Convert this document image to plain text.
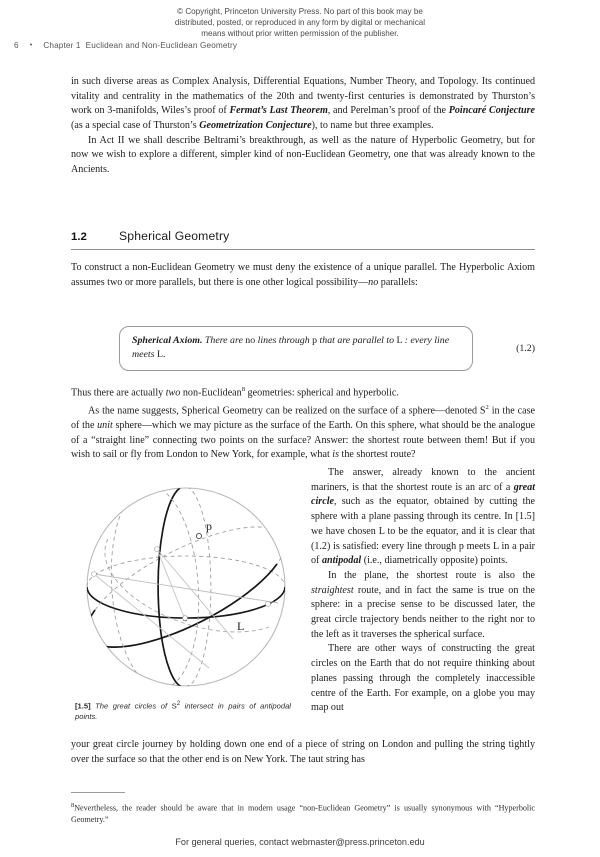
© Copyright, Princeton University Press. No part of this book may be
distributed, posted, or reproduced in any form by digital or mechanical
means without prior written permission of the publisher.
6 • Chapter 1 Euclidean and Non-Euclidean Geometry

in such diverse areas as Complex Analysis, Differential Equations, Number Theory, and Topology. Its continued vitality and centrality in the mathematics of the 20th and twenty-first centuries is demonstrated by Thurston’s work on 3-manifolds, Wiles’s proof of Fermat’s Last Theorem, and Perelman’s proof of the Poincaré Conjecture (as a special case of Thurston’s Geometrization Conjecture), to name but three examples.

In Act II we shall describe Beltrami’s breakthrough, as well as the nature of Hyperbolic Geometry, but for now we wish to explore a different, simpler kind of non-Euclidean Geometry, one that was already known to the Ancients.

1.2	Spherical Geometry

To construct a non-Euclidean Geometry we must deny the existence of a unique parallel. The Hyperbolic Axiom assumes two or more parallels, but there is one other logical possibility—no parallels:

Spherical Axiom. There are no lines through p that are parallel to L : every line meets L.
(1.2)

Thus there are actually two non-Euclidean$^8$ geometries: spherical and hyperbolic.

As the name suggests, Spherical Geometry can be realized on the surface of a sphere—denoted S$^2$ in the case of the unit sphere—which we may picture as the surface of the Earth. On this sphere, what should be the analogue of a “straight line” connecting two points on the surface? Answer: the shortest route between them! But if you wish to sail or fly from London to New York, for example, what is the shortest route?

p
L
[1.5] The great circles of $S^2$ intersect in pairs of antipodal points.

The answer, already known to the ancient mariners, is that the shortest route is an arc of a great circle, such as the equator, obtained by cutting the sphere with a plane passing through its centre. In [1.5] we have chosen L to be the equator, and it is clear that (1.2) is satisfied: every line through p meets L in a pair of antipodal (i.e., diametrically opposite) points.

In the plane, the shortest route is also the straightest route, and in fact the same is true on the sphere: in a precise sense to be discussed later, the great circle trajectory bends neither to the right nor to the left as it traverses the spherical surface.

There are other ways of constructing the great circles on the Earth that do not require thinking about planes passing through the completely inaccessible centre of the Earth. For example, on a globe you may map out

your great circle journey by holding down one end of a piece of string on London and pulling the string tightly over the surface so that the other end is on New York. The taut string has

$^8$Nevertheless, the reader should be aware that in modern usage “non-Euclidean Geometry” is usually synonymous with “Hyperbolic Geometry.”
For general queries, contact webmaster@press.princeton.edu
